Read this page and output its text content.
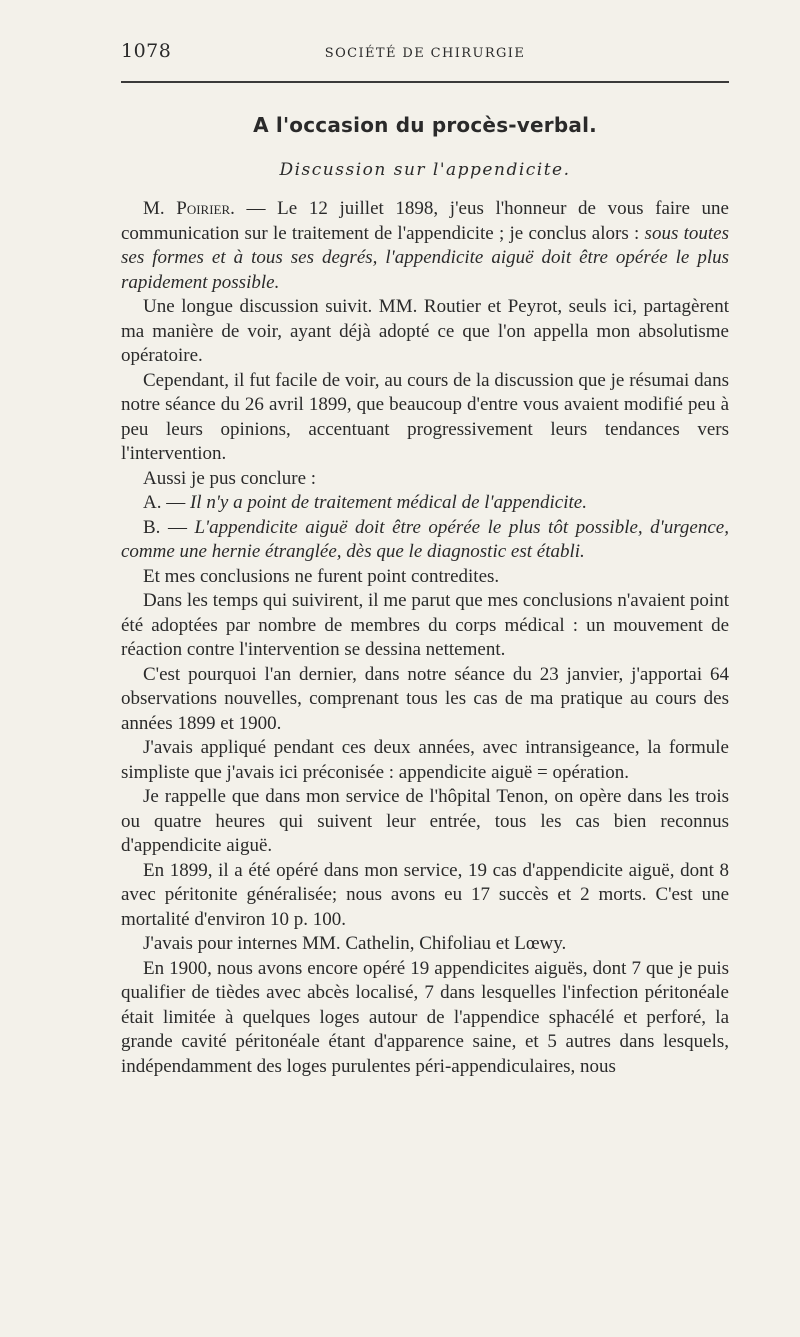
1078	SOCIÉTÉ DE CHIRURGIE
A l'occasion du procès-verbal.
Discussion sur l'appendicite.

M. Poirier. — Le 12 juillet 1898, j'eus l'honneur de vous faire une communication sur le traitement de l'appendicite ; je conclus alors : sous toutes ses formes et à tous ses degrés, l'appendicite aiguë doit être opérée le plus rapidement possible.

Une longue discussion suivit. MM. Routier et Peyrot, seuls ici, partagèrent ma manière de voir, ayant déjà adopté ce que l'on appella mon absolutisme opératoire.

Cependant, il fut facile de voir, au cours de la discussion que je résumai dans notre séance du 26 avril 1899, que beaucoup d'entre vous avaient modifié peu à peu leurs opinions, accentuant progressivement leurs tendances vers l'intervention.

Aussi je pus conclure :

A. — Il n'y a point de traitement médical de l'appendicite.

B. — L'appendicite aiguë doit être opérée le plus tôt possible, d'urgence, comme une hernie étranglée, dès que le diagnostic est établi.

Et mes conclusions ne furent point contredites.

Dans les temps qui suivirent, il me parut que mes conclusions n'avaient point été adoptées par nombre de membres du corps médical : un mouvement de réaction contre l'intervention se dessina nettement.

C'est pourquoi l'an dernier, dans notre séance du 23 janvier, j'apportai 64 observations nouvelles, comprenant tous les cas de ma pratique au cours des années 1899 et 1900.

J'avais appliqué pendant ces deux années, avec intransigeance, la formule simpliste que j'avais ici préconisée : appendicite aiguë = opération.

Je rappelle que dans mon service de l'hôpital Tenon, on opère dans les trois ou quatre heures qui suivent leur entrée, tous les cas bien reconnus d'appendicite aiguë.

En 1899, il a été opéré dans mon service, 19 cas d'appendicite aiguë, dont 8 avec péritonite généralisée; nous avons eu 17 succès et 2 morts. C'est une mortalité d'environ 10 p. 100.

J'avais pour internes MM. Cathelin, Chifoliau et Lœwy.

En 1900, nous avons encore opéré 19 appendicites aiguës, dont 7 que je puis qualifier de tièdes avec abcès localisé, 7 dans lesquelles l'infection péritonéale était limitée à quelques loges autour de l'appendice sphacélé et perforé, la grande cavité péritonéale étant d'apparence saine, et 5 autres dans lesquels, indépendamment des loges purulentes péri-appendiculaires, nous
